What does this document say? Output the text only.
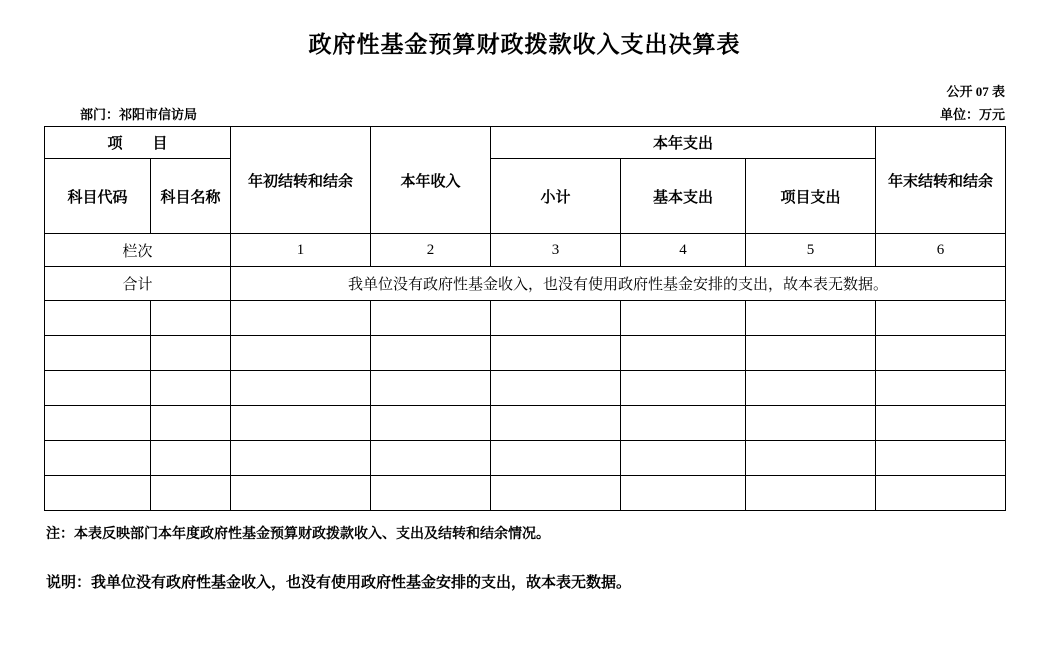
政府性基金预算财政拨款收入支出决算表
公开 07 表
部门：祁阳市信访局	单位：万元
项　　目		年初结转和结余	本年收入	本年支出			年末结转和结余
科目代码	科目名称			小计	基本支出	项目支出	
栏次		1	2	3	4	5	6
合计		我单位没有政府性基金收入，也没有使用政府性基金安排的支出，故本表无数据。					

注：本表反映部门本年度政府性基金预算财政拨款收入、支出及结转和结余情况。
说明：我单位没有政府性基金收入，也没有使用政府性基金安排的支出，故本表无数据。
